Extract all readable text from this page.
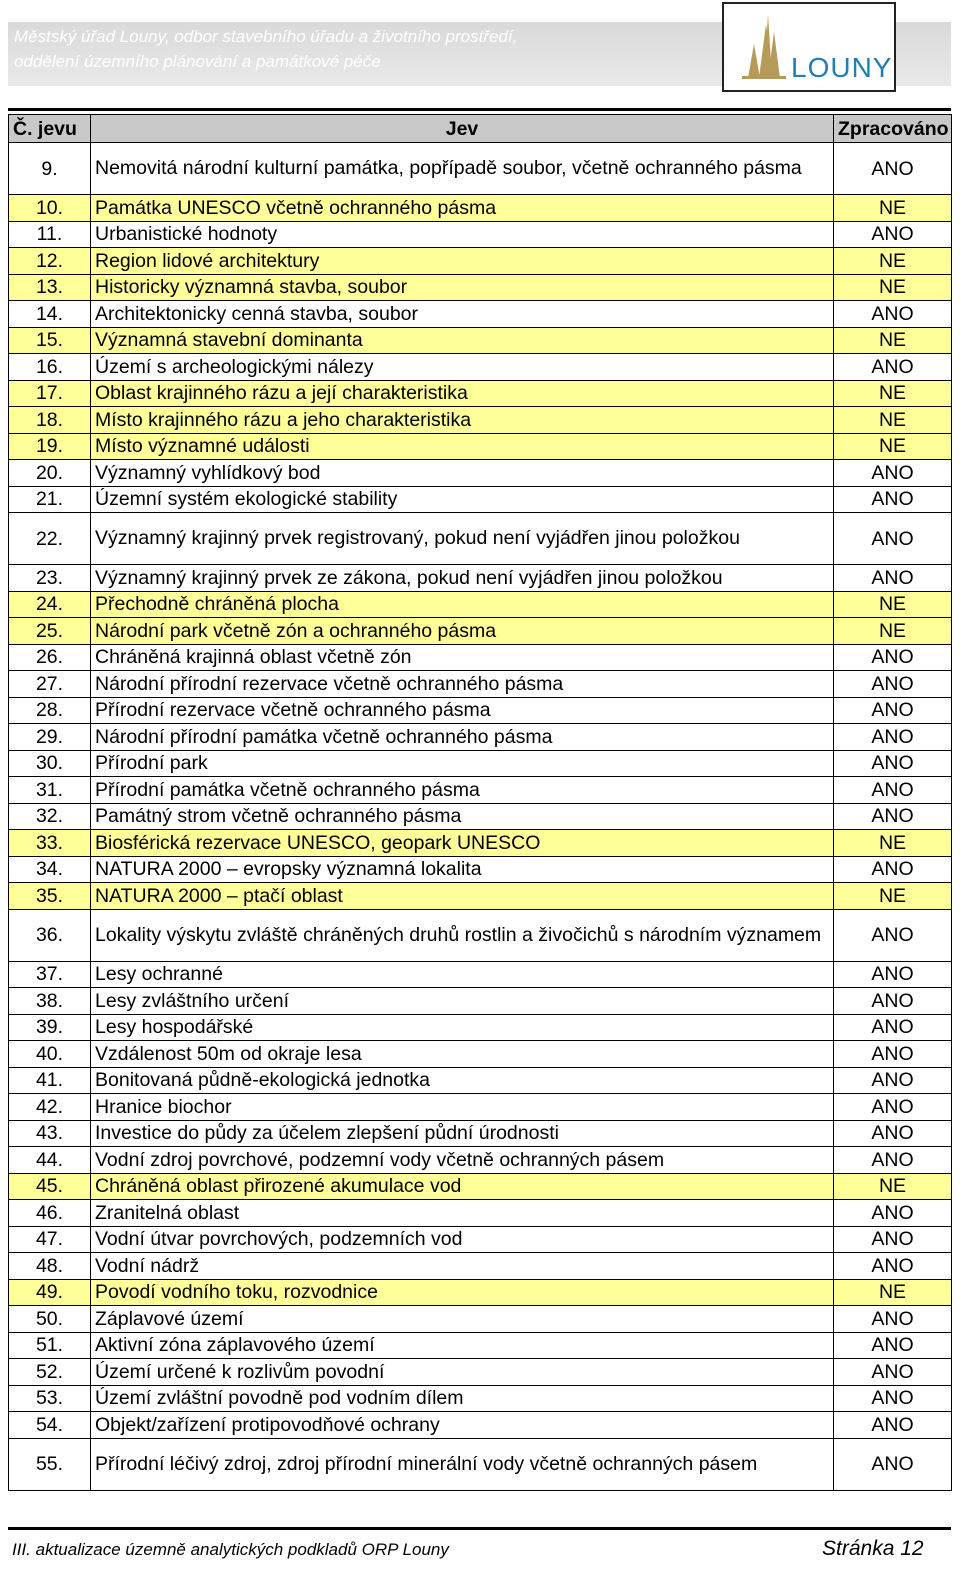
Městský úřad Louny, odbor stavebního úřadu a životního prostředí,
oddělení územního plánování a památkové péče	LOUNY
Č. jevu	Jev	Zpracováno
9.	Nemovitá národní kulturní památka, popřípadě soubor, včetně ochranného pásma	ANO
10.	Památka UNESCO včetně ochranného pásma	NE
11.	Urbanistické hodnoty	ANO
12.	Region lidové architektury	NE
13.	Historicky významná stavba, soubor	NE
14.	Architektonicky cenná stavba, soubor	ANO
15.	Významná stavební dominanta	NE
16.	Území s archeologickými nálezy	ANO
17.	Oblast krajinného rázu a její charakteristika	NE
18.	Místo krajinného rázu a jeho charakteristika	NE
19.	Místo významné události	NE
20.	Významný vyhlídkový bod	ANO
21.	Územní systém ekologické stability	ANO
22.	Významný krajinný prvek registrovaný, pokud není vyjádřen jinou položkou	ANO
23.	Významný krajinný prvek ze zákona, pokud není vyjádřen jinou položkou	ANO
24.	Přechodně chráněná plocha	NE
25.	Národní park včetně zón a ochranného pásma	NE
26.	Chráněná krajinná oblast včetně zón	ANO
27.	Národní přírodní rezervace včetně ochranného pásma	ANO
28.	Přírodní rezervace včetně ochranného pásma	ANO
29.	Národní přírodní památka včetně ochranného pásma	ANO
30.	Přírodní park	ANO
31.	Přírodní památka včetně ochranného pásma	ANO
32.	Památný strom včetně ochranného pásma	ANO
33.	Biosférická rezervace UNESCO, geopark UNESCO	NE
34.	NATURA 2000 – evropsky významná lokalita	ANO
35.	NATURA 2000 – ptačí oblast	NE
36.	Lokality výskytu zvláště chráněných druhů rostlin a živočichů s národním významem	ANO
37.	Lesy ochranné	ANO
38.	Lesy zvláštního určení	ANO
39.	Lesy hospodářské	ANO
40.	Vzdálenost 50m od okraje lesa	ANO
41.	Bonitovaná půdně-ekologická jednotka	ANO
42.	Hranice biochor	ANO
43.	Investice do půdy za účelem zlepšení půdní úrodnosti	ANO
44.	Vodní zdroj povrchové, podzemní vody včetně ochranných pásem	ANO
45.	Chráněná oblast přirozené akumulace vod	NE
46.	Zranitelná oblast	ANO
47.	Vodní útvar povrchových, podzemních vod	ANO
48.	Vodní nádrž	ANO
49.	Povodí vodního toku, rozvodnice	NE
50.	Záplavové území	ANO
51.	Aktivní zóna záplavového území	ANO
52.	Území určené k rozlivům povodní	ANO
53.	Území zvláštní povodně pod vodním dílem	ANO
54.	Objekt/zařízení protipovodňové ochrany	ANO
55.	Přírodní léčivý zdroj, zdroj přírodní minerální vody včetně ochranných pásem	ANO
III. aktualizace územně analytických podkladů ORP Louny	Stránka 12
